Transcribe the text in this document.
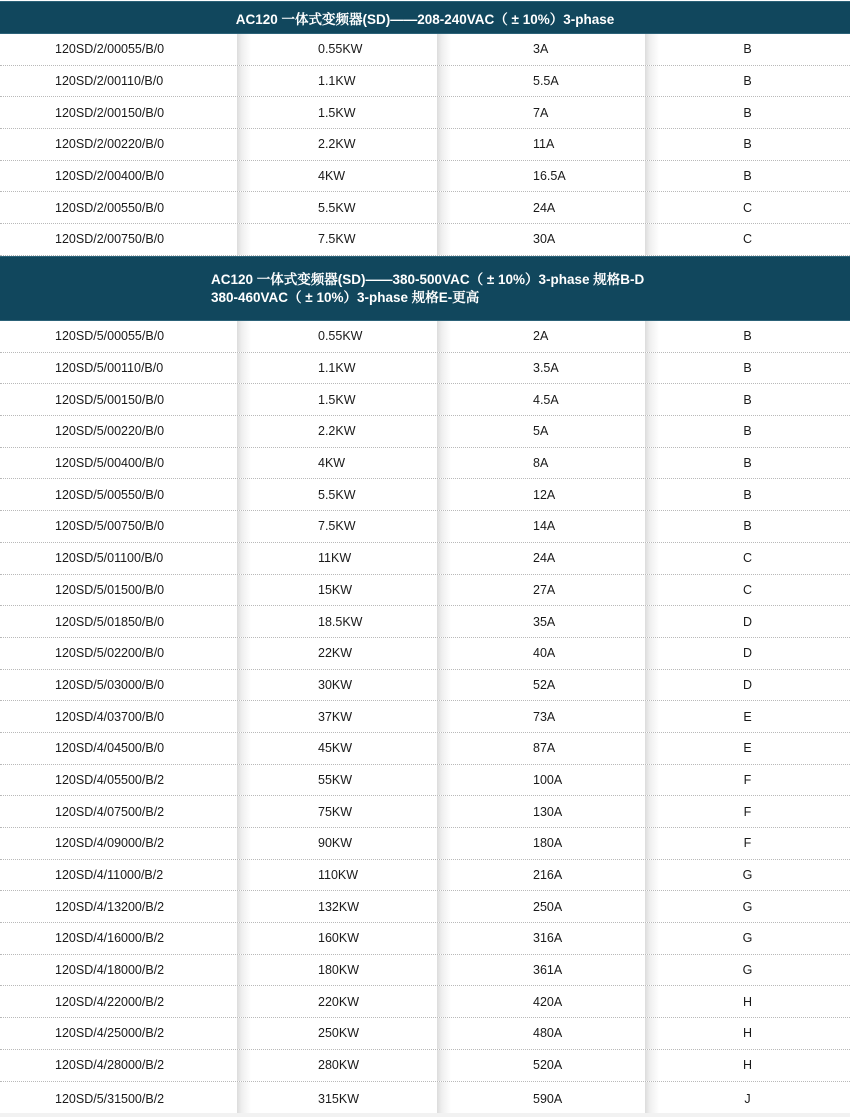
AC120 一体式变频器(SD)——208-240VAC（ ± 10%）3-phase
120SD/2/00055/B/0	0.55KW	3A	B
120SD/2/00110/B/0	1.1KW	5.5A	B
120SD/2/00150/B/0	1.5KW	7A	B
120SD/2/00220/B/0	2.2KW	11A	B
120SD/2/00400/B/0	4KW	16.5A	B
120SD/2/00550/B/0	5.5KW	24A	C
120SD/2/00750/B/0	7.5KW	30A	C
AC120 一体式变频器(SD)——380-500VAC（ ± 10%）3-phase 规格B-D
380-460VAC（ ± 10%）3-phase 规格E-更高
120SD/5/00055/B/0	0.55KW	2A	B
120SD/5/00110/B/0	1.1KW	3.5A	B
120SD/5/00150/B/0	1.5KW	4.5A	B
120SD/5/00220/B/0	2.2KW	5A	B
120SD/5/00400/B/0	4KW	8A	B
120SD/5/00550/B/0	5.5KW	12A	B
120SD/5/00750/B/0	7.5KW	14A	B
120SD/5/01100/B/0	11KW	24A	C
120SD/5/01500/B/0	15KW	27A	C
120SD/5/01850/B/0	18.5KW	35A	D
120SD/5/02200/B/0	22KW	40A	D
120SD/5/03000/B/0	30KW	52A	D
120SD/4/03700/B/0	37KW	73A	E
120SD/4/04500/B/0	45KW	87A	E
120SD/4/05500/B/2	55KW	100A	F
120SD/4/07500/B/2	75KW	130A	F
120SD/4/09000/B/2	90KW	180A	F
120SD/4/11000/B/2	110KW	216A	G
120SD/4/13200/B/2	132KW	250A	G
120SD/4/16000/B/2	160KW	316A	G
120SD/4/18000/B/2	180KW	361A	G
120SD/4/22000/B/2	220KW	420A	H
120SD/4/25000/B/2	250KW	480A	H
120SD/4/28000/B/2	280KW	520A	H
120SD/5/31500/B/2	315KW	590A	J
